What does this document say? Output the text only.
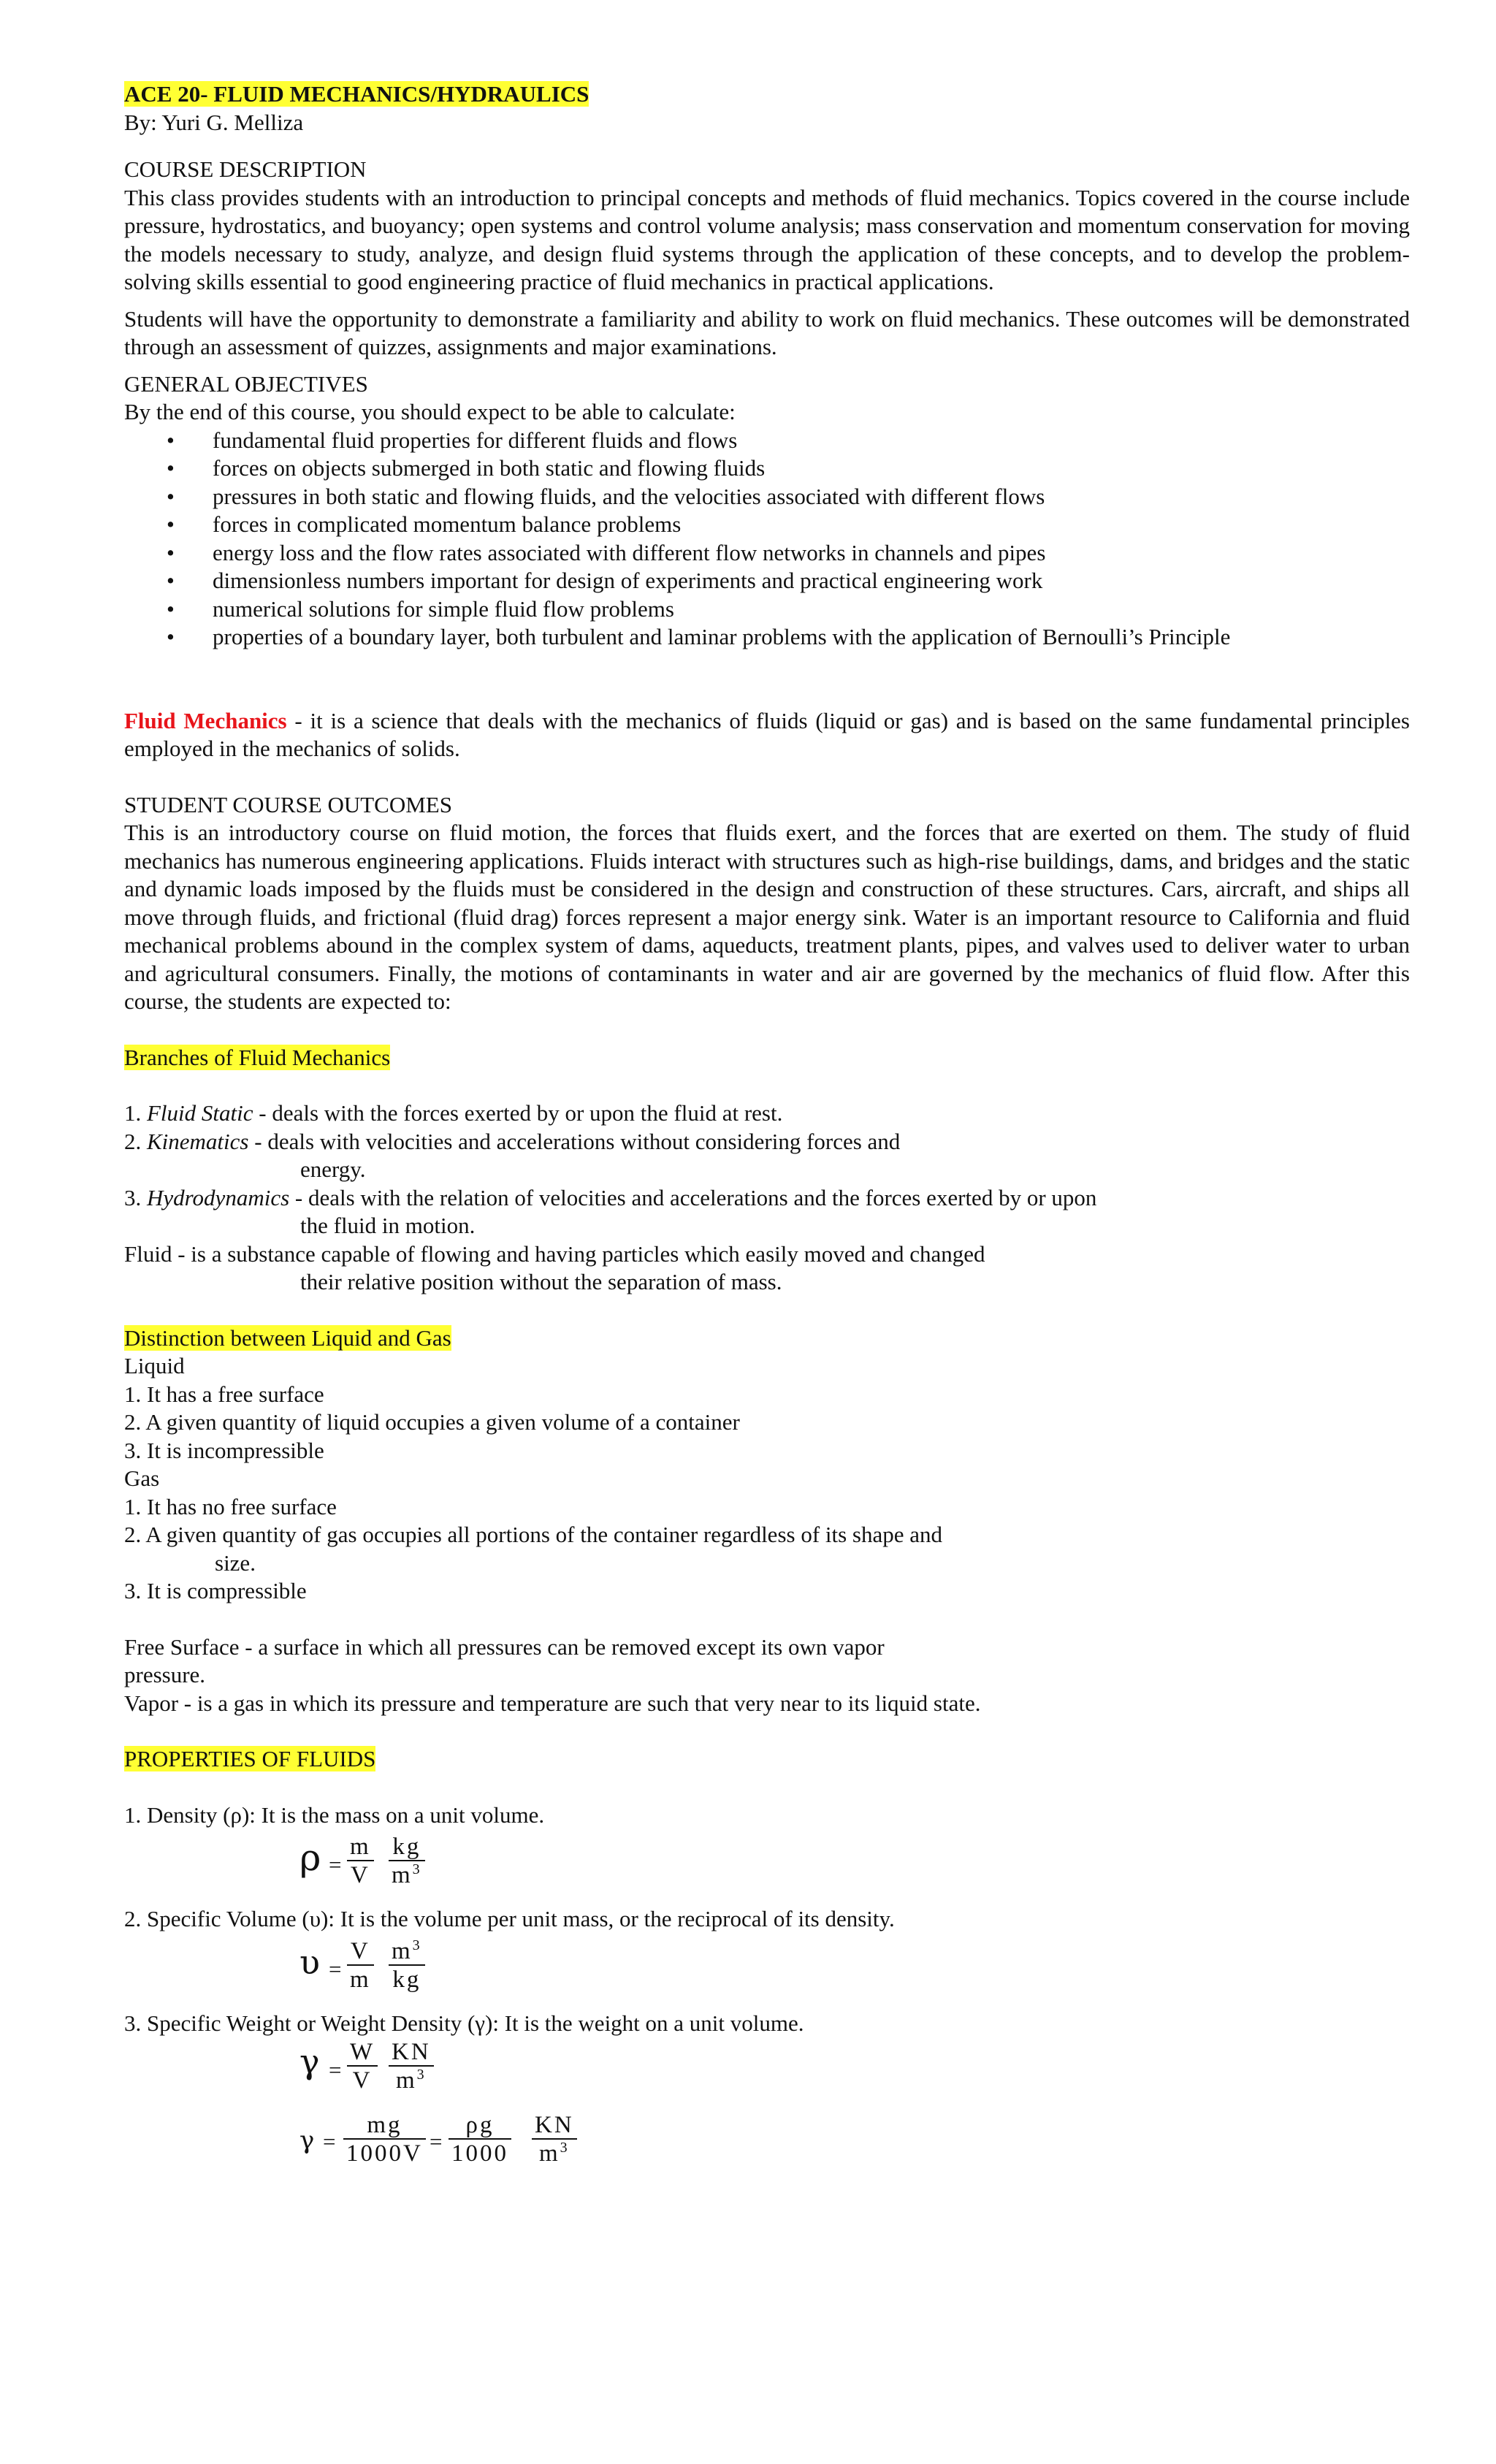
ACE 20- FLUID MECHANICS/HYDRAULICS

By: Yuri G. Melliza

COURSE DESCRIPTION

This class provides students with an introduction to principal concepts and methods of fluid mechanics. Topics covered in the course include pressure, hydrostatics, and buoyancy; open systems and control volume analysis; mass conservation and momentum conservation for moving the models necessary to study, analyze, and design fluid systems through the application of these concepts, and to develop the problem-solving skills essential to good engineering practice of fluid mechanics in practical applications.

Students will have the opportunity to demonstrate a familiarity and ability to work on fluid mechanics. These outcomes will be demonstrated through an assessment of quizzes, assignments and major examinations.

GENERAL OBJECTIVES

By the end of this course, you should expect to be able to calculate:

• fundamental fluid properties for different fluids and flows
• forces on objects submerged in both static and flowing fluids
• pressures in both static and flowing fluids, and the velocities associated with different flows
• forces in complicated momentum balance problems
• energy loss and the flow rates associated with different flow networks in channels and pipes
• dimensionless numbers important for design of experiments and practical engineering work
• numerical solutions for simple fluid flow problems
• properties of a boundary layer, both turbulent and laminar problems with the application of Bernoulli’s Principle

Fluid Mechanics - it is a science that deals with the mechanics of fluids (liquid or gas) and is based on the same fundamental principles employed in the mechanics of solids.

STUDENT COURSE OUTCOMES

This is an introductory course on fluid motion, the forces that fluids exert, and the forces that are exerted on them. The study of fluid mechanics has numerous engineering applications. Fluids interact with structures such as high-rise buildings, dams, and bridges and the static and dynamic loads imposed by the fluids must be considered in the design and construction of these structures. Cars, aircraft, and ships all move through fluids, and frictional (fluid drag) forces represent a major energy sink. Water is an important resource to California and fluid mechanical problems abound in the complex system of dams, aqueducts, treatment plants, pipes, and valves used to deliver water to urban and agricultural consumers. Finally, the motions of contaminants in water and air are governed by the mechanics of fluid flow. After this course, the students are expected to:

Branches of Fluid Mechanics

1. Fluid Static - deals with the forces exerted by or upon the fluid at rest.

2. Kinematics - deals with velocities and accelerations without considering forces and

energy.

3. Hydrodynamics - deals with the relation of velocities and accelerations and the forces exerted by or upon

the fluid in motion.

Fluid - is a substance capable of flowing and having particles which easily moved and changed

their relative position without the separation of mass.

Distinction between Liquid and Gas

Liquid

1. It has a free surface

2. A given quantity of liquid occupies a given volume of a container

3. It is incompressible

Gas

1. It has no free surface

2. A given quantity of gas occupies all portions of the container regardless of its shape and

size.

3. It is compressible

Free Surface - a surface in which all pressures can be removed except its own vapor

pressure.

Vapor - is a gas in which its pressure and temperature are such that very near to its liquid state.

PROPERTIES OF FLUIDS

1. Density (ρ): It is the mass on a unit volume.

$\rho = \frac{m}{V} \frac{kg}{m^3}$

2. Specific Volume (υ): It is the volume per unit mass, or the reciprocal of its density.

$\upsilon = \frac{V}{m} \frac{m^3}{kg}$

3. Specific Weight or Weight Density (γ): It is the weight on a unit volume.

$\gamma = \frac{W}{V} \frac{KN}{m^3}$
$\gamma = \frac{mg}{1000V} = \frac{\rho g}{1000} \frac{KN}{m^3}$
